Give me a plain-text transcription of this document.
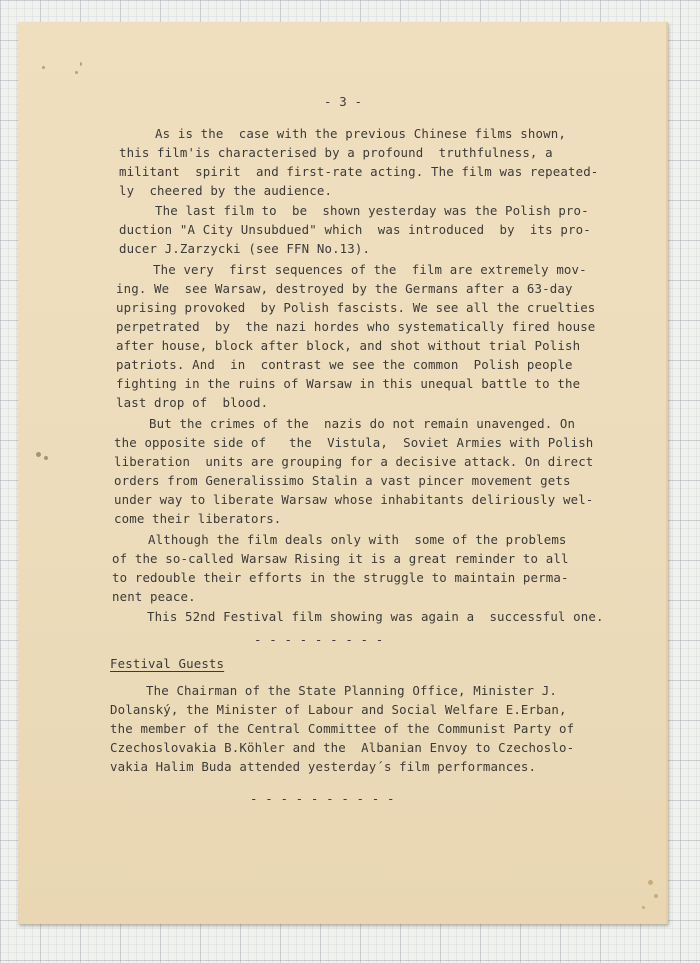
- 3 -
As is the  case with the previous Chinese films shown,
this film'is characterised by a profound  truthfulness, a
militant  spirit  and first-rate acting. The film was repeated-
ly  cheered by the audience.
The last film to  be  shown yesterday was the Polish pro-
duction "A City Unsubdued" which  was introduced  by  its pro-
ducer J.Zarzycki (see FFN No.13).
The very  first sequences of the  film are extremely mov-
ing. We  see Warsaw, destroyed by the Germans after a 63-day
uprising provoked  by Polish fascists. We see all the cruelties
perpetrated  by  the nazi hordes who systematically fired house
after house, block after block, and shot without trial Polish
patriots. And  in  contrast we see the common  Polish people
fighting in the ruins of Warsaw in this unequal battle to the
last drop of  blood.
But the crimes of the  nazis do not remain unavenged. On
the opposite side of   the  Vistula,  Soviet Armies with Polish
liberation  units are grouping for a decisive attack. On direct
orders from Generalissimo Stalin a vast pincer movement gets
under way to liberate Warsaw whose inhabitants deliriously wel-
come their liberators.
Although the film deals only with  some of the problems
of the so-called Warsaw Rising it is a great reminder to all
to redouble their efforts in the struggle to maintain perma-
nent peace.
This 52nd Festival film showing was again a  successful one.
- - - - - - - - -
Festival Guests
The Chairman of the State Planning Office, Minister J.
Dolanský, the Minister of Labour and Social Welfare E.Erban,
the member of the Central Committee of the Communist Party of
Czechoslovakia B.Köhler and the  Albanian Envoy to Czechoslo-
vakia Halim Buda attended yesterday´s film performances.
- - - - - - - - - -
